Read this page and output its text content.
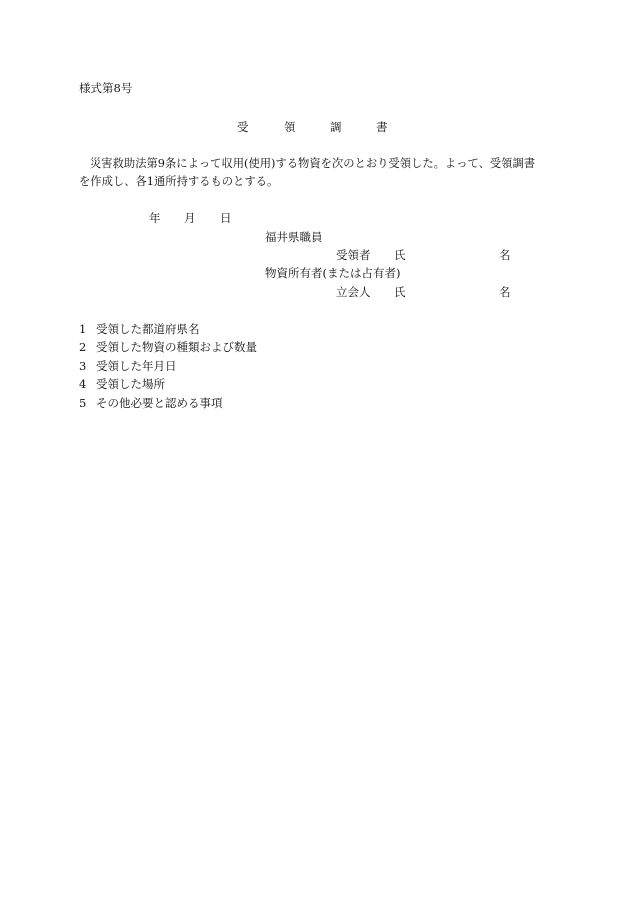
様式第8号
受	領	調	書
災害救助法第9条によって収用(使用)する物資を次のとおり受領した。よって、受領調書
を作成し、各1通所持するものとする。
年 月 日
福井県職員
受領者 氏	名
物資所有者(または占有者)
立会人 氏	名
1 受領した都道府県名
2 受領した物資の種類および数量
3 受領した年月日
4 受領した場所
5 その他必要と認める事項
